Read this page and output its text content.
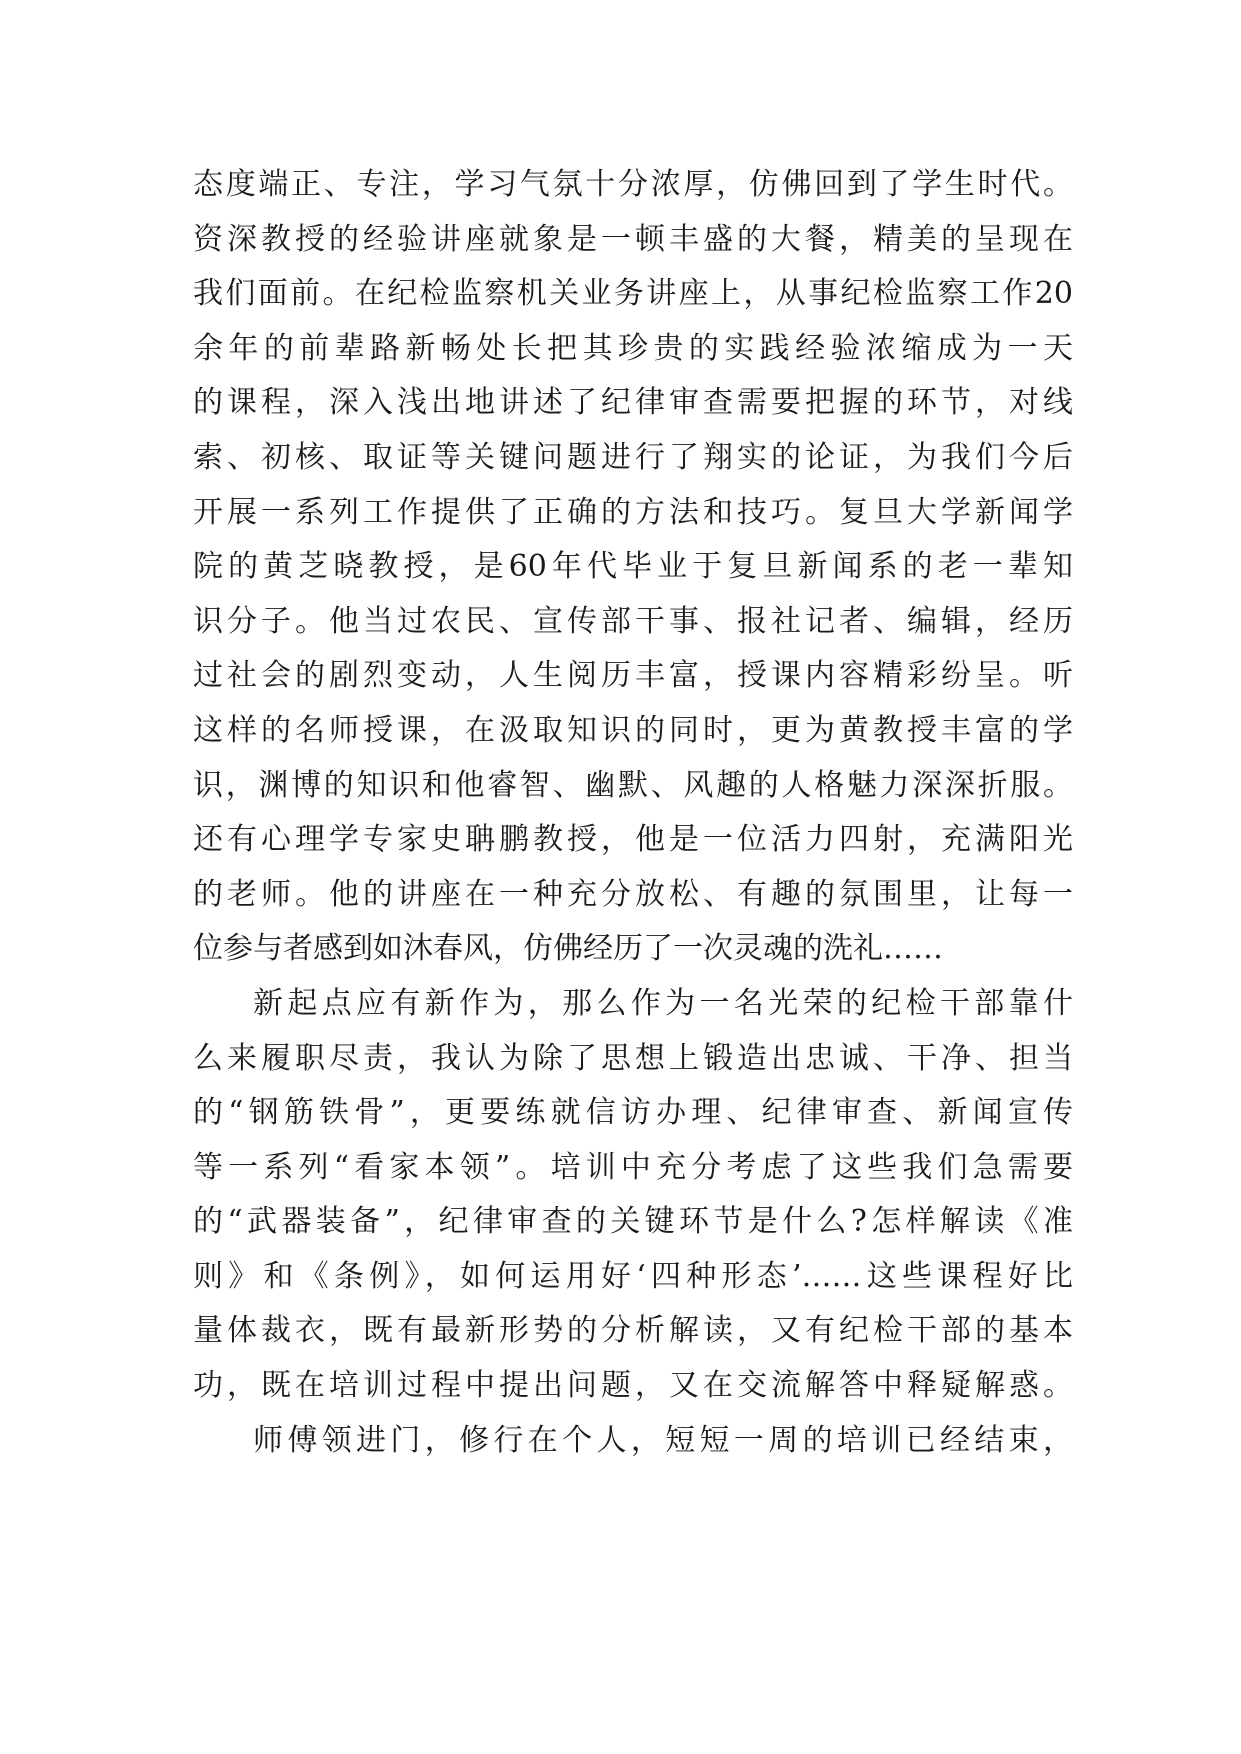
态度端正、专注，学习气氛十分浓厚，仿佛回到了学生时代。
资深教授的经验讲座就象是一顿丰盛的大餐，精美的呈现在
我们面前。在纪检监察机关业务讲座上，从事纪检监察工作20
余年的前辈路新畅处长把其珍贵的实践经验浓缩成为一天
的课程，深入浅出地讲述了纪律审查需要把握的环节，对线
索、初核、取证等关键问题进行了翔实的论证，为我们今后
开展一系列工作提供了正确的方法和技巧。复旦大学新闻学
院的黄芝晓教授，是60年代毕业于复旦新闻系的老一辈知
识分子。他当过农民、宣传部干事、报社记者、编辑，经历
过社会的剧烈变动，人生阅历丰富，授课内容精彩纷呈。听
这样的名师授课，在汲取知识的同时，更为黄教授丰富的学
识，渊博的知识和他睿智、幽默、风趣的人格魅力深深折服。
还有心理学专家史聃鹏教授，他是一位活力四射，充满阳光
的老师。他的讲座在一种充分放松、有趣的氛围里，让每一
位参与者感到如沐春风，仿佛经历了一次灵魂的洗礼……
新起点应有新作为，那么作为一名光荣的纪检干部靠什
么来履职尽责，我认为除了思想上锻造出忠诚、干净、担当
的“钢筋铁骨”，更要练就信访办理、纪律审查、新闻宣传
等一系列“看家本领”。培训中充分考虑了这些我们急需要
的“武器装备”，纪律审查的关键环节是什么?怎样解读《准
则》和《条例》，如何运用好‘四种形态’……这些课程好比
量体裁衣，既有最新形势的分析解读，又有纪检干部的基本
功，既在培训过程中提出问题，又在交流解答中释疑解惑。
师傅领进门，修行在个人，短短一周的培训已经结束，
